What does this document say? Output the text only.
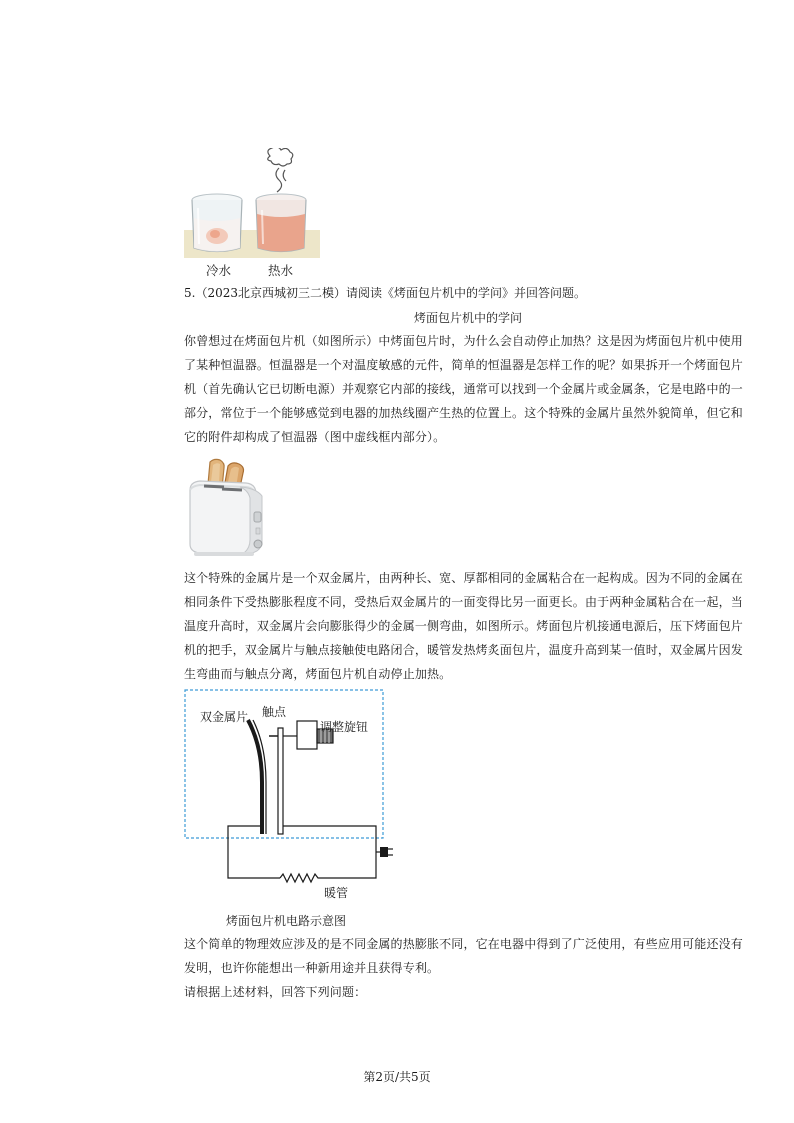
冷水	热水
5.（2023北京西城初三二模）请阅读《烤面包片机中的学问》并回答问题。
烤面包片机中的学问
你曾想过在烤面包片机（如图所示）中烤面包片时，为什么会自动停止加热？这是因为烤面包片机中使用
了某种恒温器。恒温器是一个对温度敏感的元件，简单的恒温器是怎样工作的呢？如果拆开一个烤面包片
机（首先确认它已切断电源）并观察它内部的接线，通常可以找到一个金属片或金属条，它是电路中的一
部分，常位于一个能够感觉到电器的加热线圈产生热的位置上。这个特殊的金属片虽然外貌简单，但它和
它的附件却构成了恒温器（图中虚线框内部分）。
这个特殊的金属片是一个双金属片，由两种长、宽、厚都相同的金属粘合在一起构成。因为不同的金属在
相同条件下受热膨胀程度不同，受热后双金属片的一面变得比另一面更长。由于两种金属粘合在一起，当
温度升高时，双金属片会向膨胀得少的金属一侧弯曲，如图所示。烤面包片机接通电源后，压下烤面包片
机的把手，双金属片与触点接触使电路闭合，暖管发热烤炙面包片，温度升高到某一值时，双金属片因发
生弯曲而与触点分离，烤面包片机自动停止加热。
双金属片 触点
调整旋钮
暖管
烤面包片机电路示意图
这个简单的物理效应涉及的是不同金属的热膨胀不同，它在电器中得到了广泛使用，有些应用可能还没有
发明，也许你能想出一种新用途并且获得专利。
请根据上述材料，回答下列问题：
第2页/共5页
